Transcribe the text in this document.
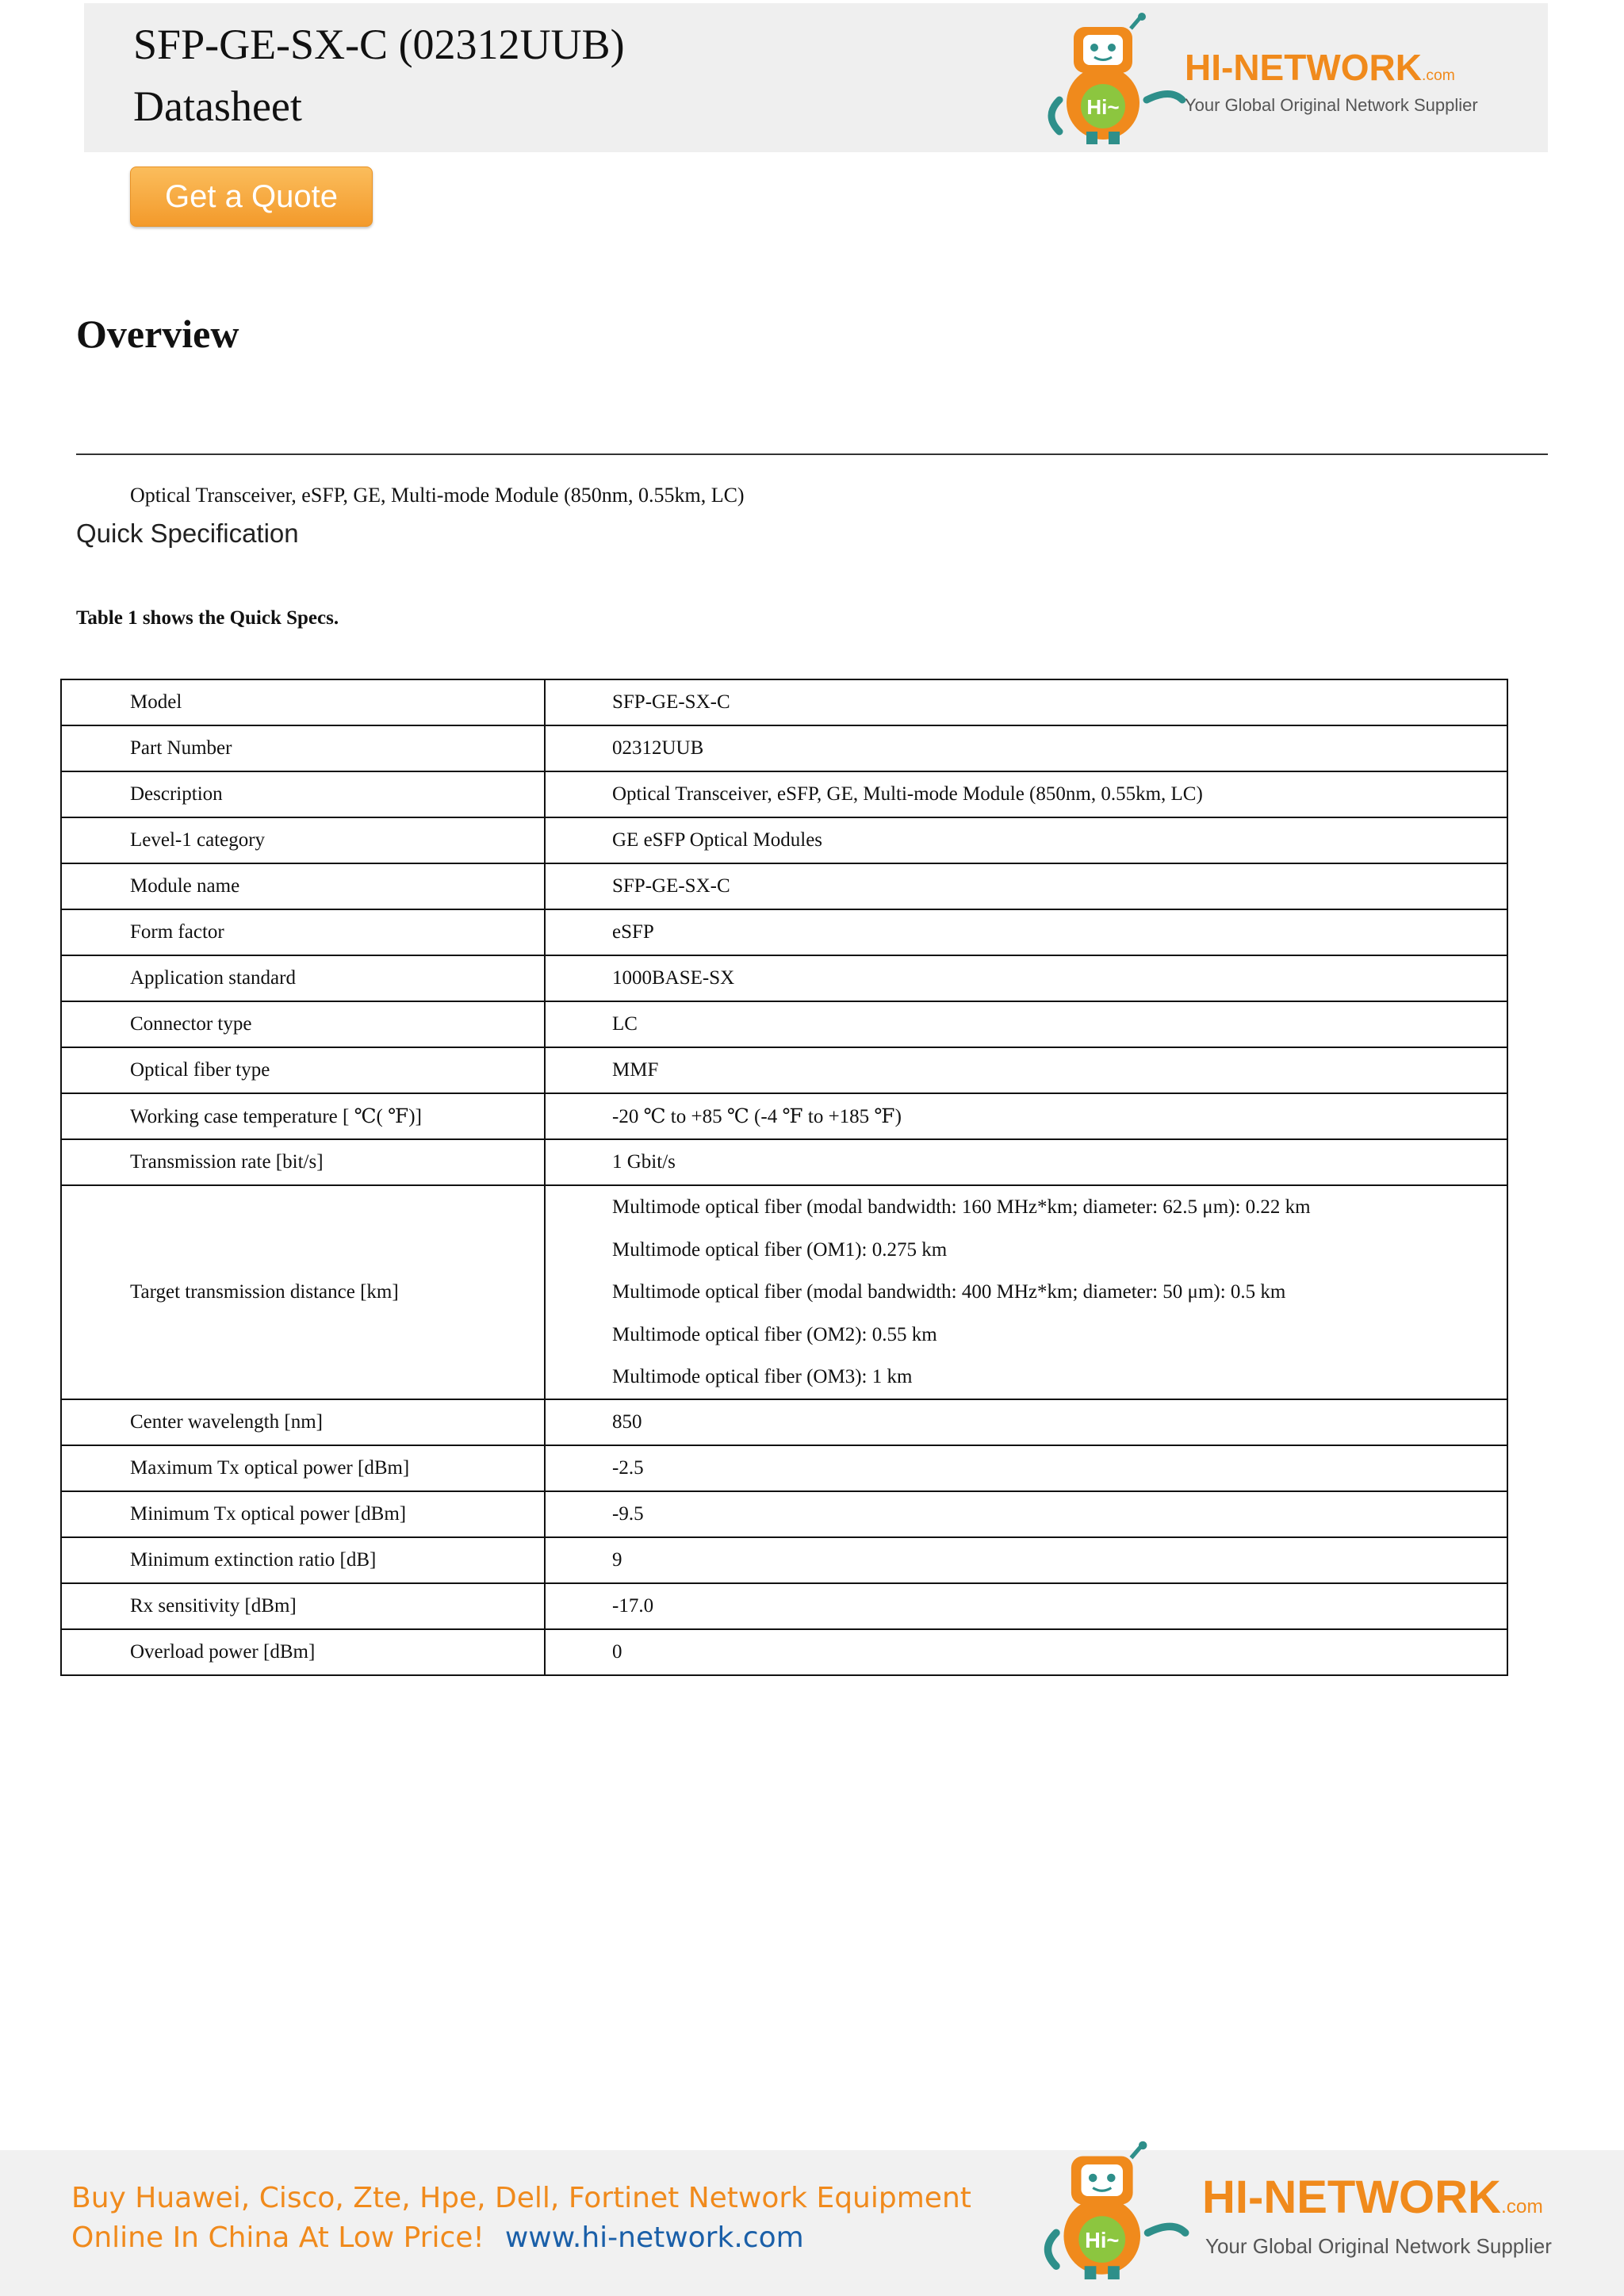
SFP-GE-SX-C (02312UUB)
Datasheet	Hi~
HI-NETWORK.com
Your Global Original Network Supplier
Get a Quote
Overview
Optical Transceiver, eSFP, GE, Multi-mode Module (850nm, 0.55km, LC)
Quick Specification
Table 1 shows the Quick Specs.
Model	SFP-GE-SX-C
Part Number	02312UUB
Description	Optical Transceiver, eSFP, GE, Multi-mode Module (850nm, 0.55km, LC)
Level-1 category	GE eSFP Optical Modules
Module name	SFP-GE-SX-C
Form factor	eSFP
Application standard	1000BASE-SX
Connector type	LC
Optical fiber type	MMF
Working case temperature [ ℃( ℉)]	-20 ℃ to +85 ℃ (-4 ℉ to +185 ℉)
Transmission rate [bit/s]	1 Gbit/s
Target transmission distance [km]	Multimode optical fiber (modal bandwidth: 160 MHz*km; diameter: 62.5 μm): 0.22 km
Multimode optical fiber (OM1): 0.275 km
Multimode optical fiber (modal bandwidth: 400 MHz*km; diameter: 50 μm): 0.5 km
Multimode optical fiber (OM2): 0.55 km
Multimode optical fiber (OM3): 1 km

Center wavelength [nm]	850
Maximum Tx optical power [dBm]	-2.5
Minimum Tx optical power [dBm]	-9.5
Minimum extinction ratio [dB]	9
Rx sensitivity [dBm]	-17.0
Overload power [dBm]	0
Buy Huawei, Cisco, Zte, Hpe, Dell, Fortinet Network Equipment
Online In China At Low Price! www.hi-network.com	Hi~
HI-NETWORK.com
Your Global Original Network Supplier
